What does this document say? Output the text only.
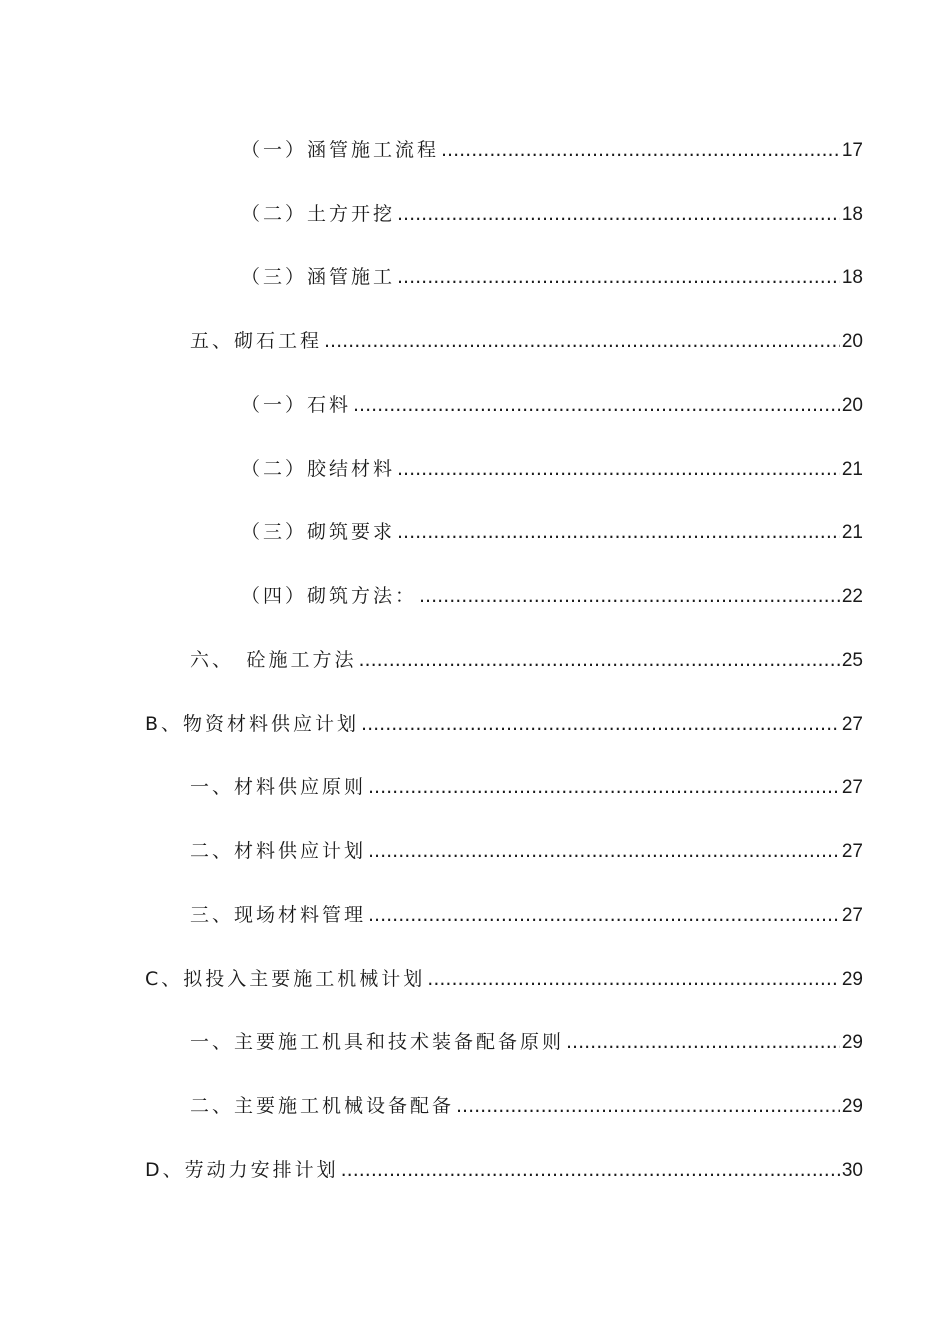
（一）涵管施工流程 .....	17
（二）土方开挖 .....	18
（三）涵管施工 .....	18
五、砌石工程 .....	20
（一）石料 .....	20
（二）胶结材料 .....	21
（三）砌筑要求 .....	21
（四）砌筑方法： .....	22
六、　砼施工方法 .....	25
B、物资材料供应计划 .....	27
一、材料供应原则 .....	27
二、材料供应计划 .....	27
三、现场材料管理 .....	27
C、拟投入主要施工机械计划 .....	29
一、主要施工机具和技术装备配备原则 .....	29
二、主要施工机械设备配备 .....	29
D、劳动力安排计划 .....	30
